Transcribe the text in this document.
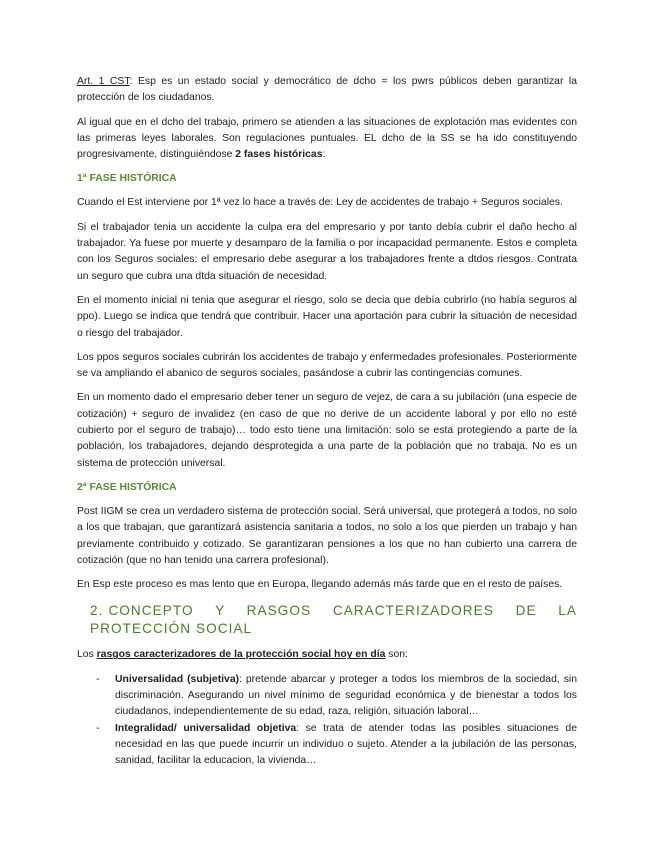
Art. 1 CST: Esp es un estado social y democrático de dcho = los pwrs públicos deben garantizar la protección de los ciudadanos.

Al igual que en el dcho del trabajo, primero se atienden a las situaciones de explotación mas evidentes con las primeras leyes laborales. Son regulaciones puntuales. EL dcho de la SS se ha ido constituyendo progresivamente, distinguiéndose 2 fases históricas:

1ª FASE HISTÓRICA

Cuando el Est interviene por 1ª vez lo hace a través de: Ley de accidentes de trabajo + Seguros sociales.

Si el trabajador tenia un accidente la culpa era del empresario y por tanto debía cubrir el daño hecho al trabajador. Ya fuese por muerte y desamparo de la familia o por incapacidad permanente. Estos e completa con los Seguros sociales: el empresario debe asegurar a los trabajadores frente a dtdos riesgos. Contrata un seguro que cubra una dtda situación de necesidad.

En el momento inicial ni tenia que asegurar el riesgo, solo se decia que debía cubrirlo (no había seguros al ppo). Luego se indica que tendrá que contribuir. Hacer una aportación para cubrir la situación de necesidad o riesgo del trabajador.

Los ppos seguros sociales cubrirán los accidentes de trabajo y enfermedades profesionales. Posteriormente se va ampliando el abanico de seguros sociales, pasándose a cubrir las contingencias comunes.

En un momento dado el empresario deber tener un seguro de vejez, de cara a su jubilación (una especie de cotización) + seguro de invalidez (en caso de que no derive de un accidente laboral y por ello no esté cubierto por el seguro de trabajo)… todo esto tiene una limitación: solo se esta protegiendo a parte de la población, los trabajadores, dejando desprotegida a una parte de la población que no trabaja. No es un sistema de protección universal.

2ª FASE HISTÓRICA

Post IIGM se crea un verdadero sistema de protección social. Será universal, que protegerá a todos, no solo a los que trabajan, que garantizará asistencia sanitaria a todos, no solo a los que pierden un trabajo y han previamente contribuido y cotizado. Se garantizaran pensiones a los que no han cubierto una carrera de cotización (que no han tenido una carrera profesional).

En Esp este proceso es mas lento que en Europa, llegando además más tarde que en el resto de países.

2. CONCEPTO Y RASGOS CARACTERIZADORES DE LA PROTECCIÓN SOCIAL

Los rasgos caracterizadores de la protección social hoy en día son:

- Universalidad (subjetiva): pretende abarcar y proteger a todos los miembros de la sociedad, sin discriminación. Asegurando un nivel mínimo de seguridad económica y de bienestar a todos los ciudadanos, independientemente de su edad, raza, religión, situación laboral…
- Integralidad/ universalidad objetiva: se trata de atender todas las posibles situaciones de necesidad en las que puede incurrir un individuo o sujeto. Atender a la jubilación de las personas, sanidad, facilitar la educacion, la vivienda…
